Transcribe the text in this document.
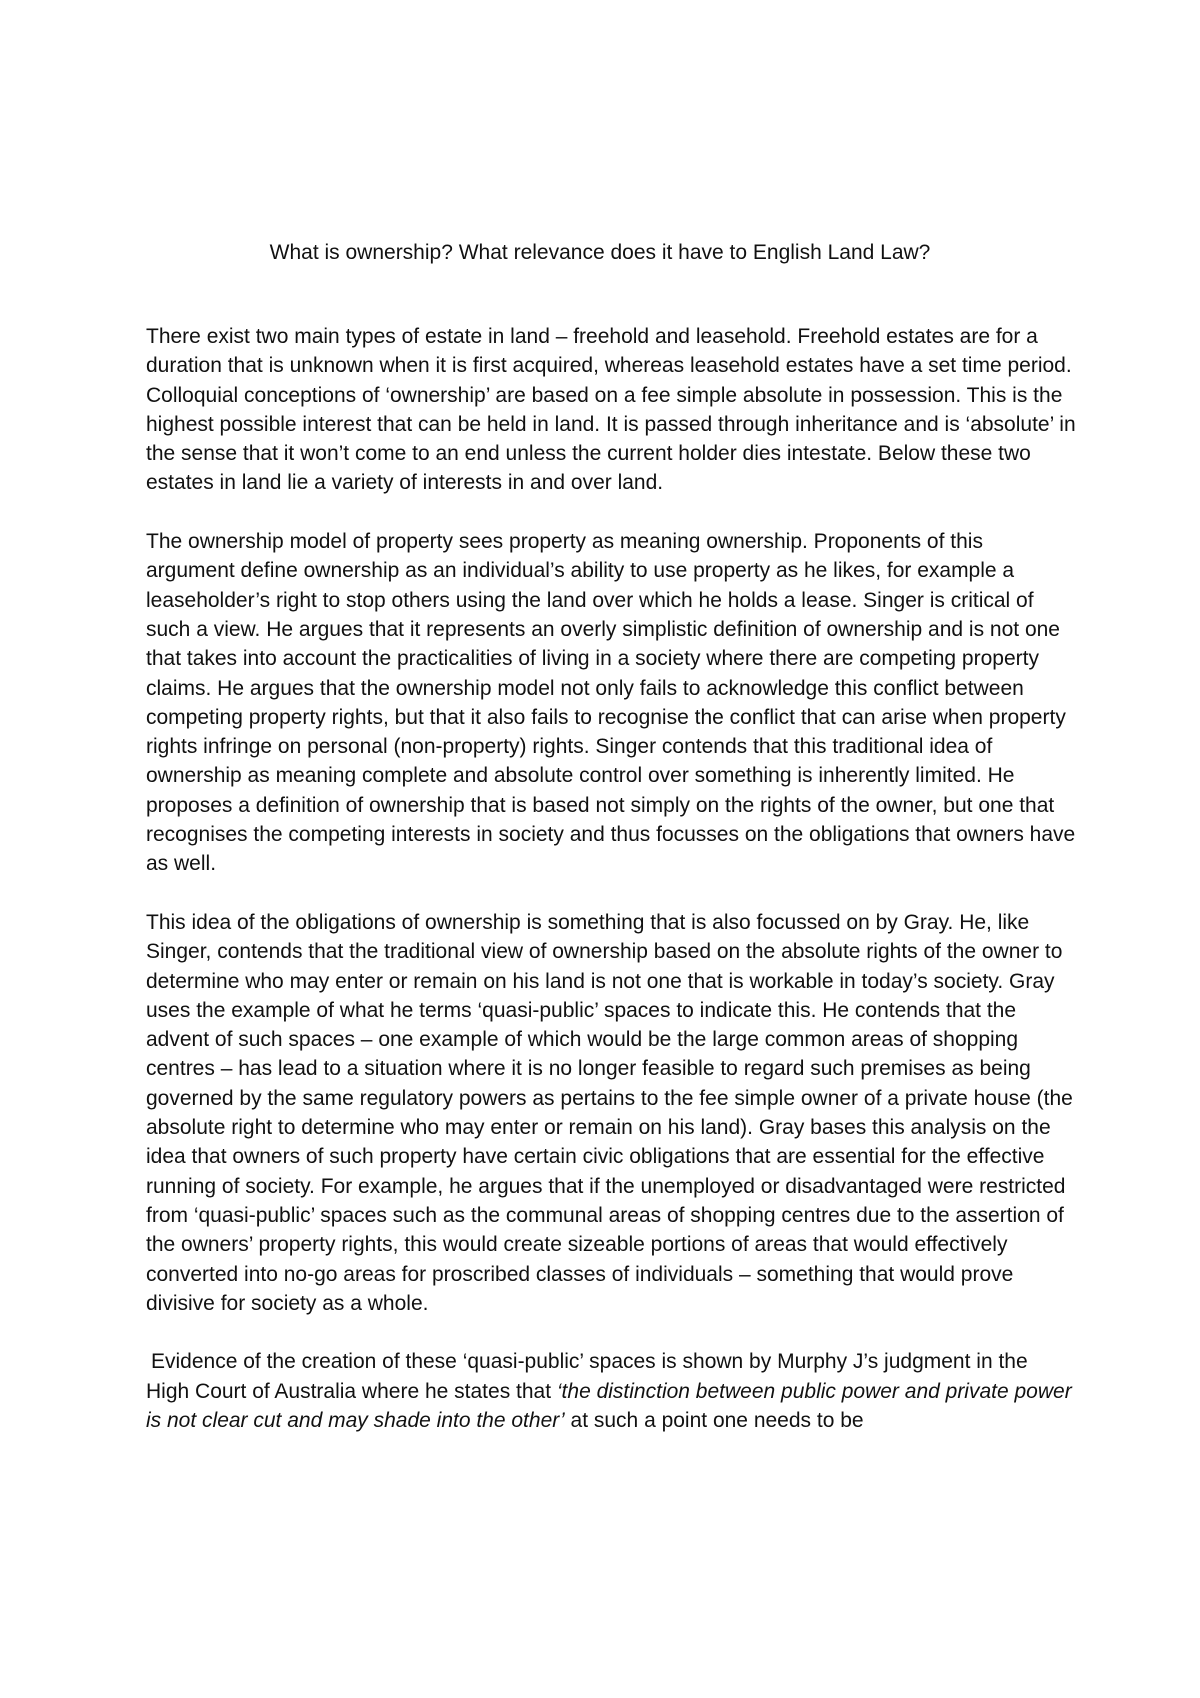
What is ownership? What relevance does it have to English Land Law?

There exist two main types of estate in land – freehold and leasehold. Freehold estates are for a duration that is unknown when it is first acquired, whereas leasehold estates have a set time period. Colloquial conceptions of ‘ownership’ are based on a fee simple absolute in possession. This is the highest possible interest that can be held in land. It is passed through inheritance and is ‘absolute’ in the sense that it won’t come to an end unless the current holder dies intestate. Below these two estates in land lie a variety of interests in and over land.

The ownership model of property sees property as meaning ownership. Proponents of this argument define ownership as an individual’s ability to use property as he likes, for example a leaseholder’s right to stop others using the land over which he holds a lease. Singer is critical of such a view. He argues that it represents an overly simplistic definition of ownership and is not one that takes into account the practicalities of living in a society where there are competing property claims. He argues that the ownership model not only fails to acknowledge this conflict between competing property rights, but that it also fails to recognise the conflict that can arise when property rights infringe on personal (non-property) rights. Singer contends that this traditional idea of ownership as meaning complete and absolute control over something is inherently limited. He proposes a definition of ownership that is based not simply on the rights of the owner, but one that recognises the competing interests in society and thus focusses on the obligations that owners have as well.

This idea of the obligations of ownership is something that is also focussed on by Gray. He, like Singer, contends that the traditional view of ownership based on the absolute rights of the owner to determine who may enter or remain on his land is not one that is workable in today’s society. Gray uses the example of what he terms ‘quasi-public’ spaces to indicate this. He contends that the advent of such spaces – one example of which would be the large common areas of shopping centres – has lead to a situation where it is no longer feasible to regard such premises as being governed by the same regulatory powers as pertains to the fee simple owner of a private house (the absolute right to determine who may enter or remain on his land). Gray bases this analysis on the idea that owners of such property have certain civic obligations that are essential for the effective running of society. For example, he argues that if the unemployed or disadvantaged were restricted from ‘quasi-public’ spaces such as the communal areas of shopping centres due to the assertion of the owners’ property rights, this would create sizeable portions of areas that would effectively converted into no-go areas for proscribed classes of individuals – something that would prove divisive for society as a whole.

Evidence of the creation of these ‘quasi-public’ spaces is shown by Murphy J’s judgment in the High Court of Australia where he states that ‘the distinction between public power and private power is not clear cut and may shade into the other’ at such a point one needs to be
